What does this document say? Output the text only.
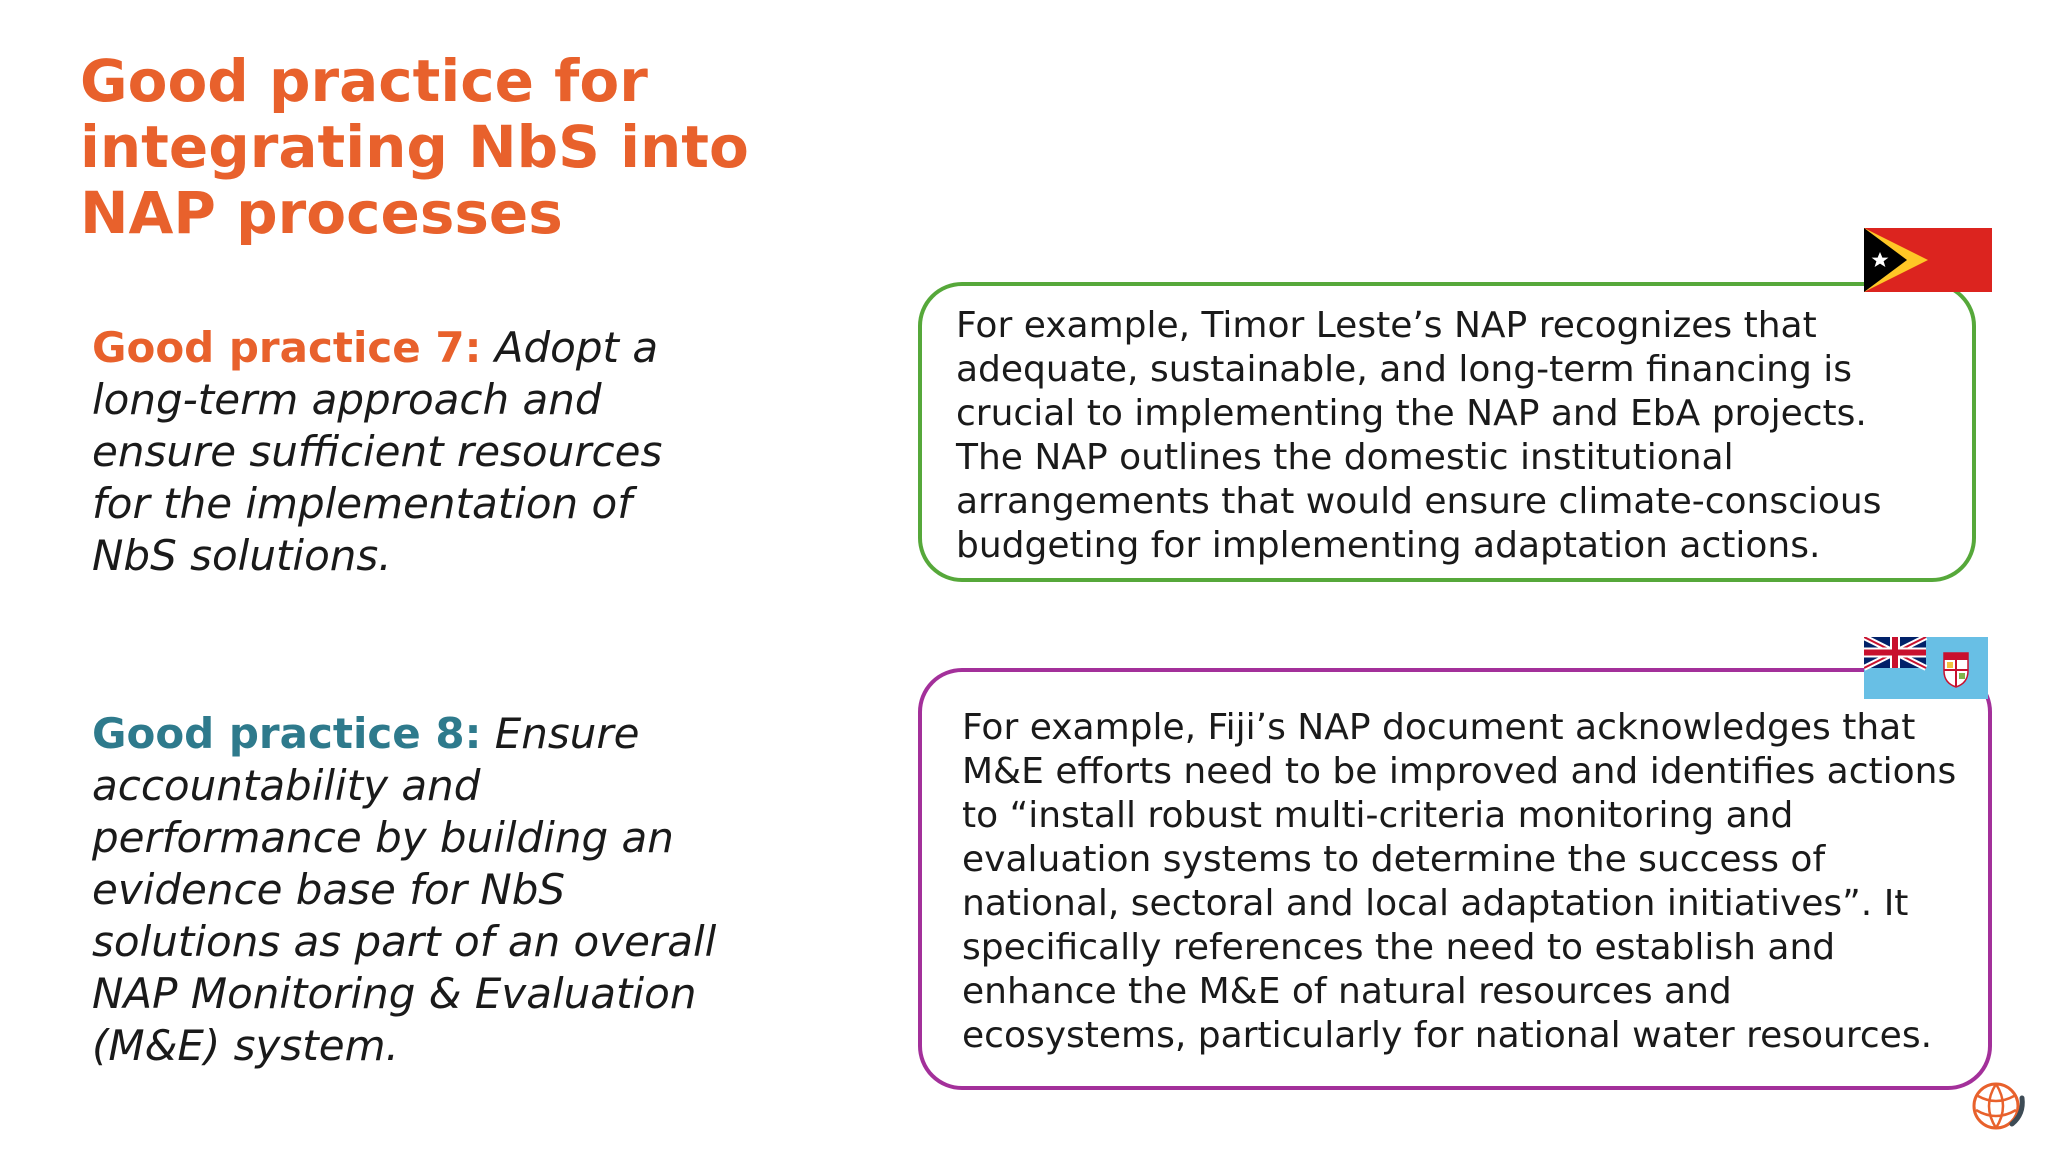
Good practice for integrating NbS into NAP processes

Good practice 7: Adopt a long-term approach and ensure sufficient resources for the implementation of NbS solutions.

Good practice 8: Ensure accountability and performance by building an evidence base for NbS solutions as part of an overall NAP Monitoring & Evaluation (M&E) system.

For example, Timor Leste’s NAP recognizes that adequate, sustainable, and long-term financing is crucial to implementing the NAP and EbA projects. The NAP outlines the domestic institutional arrangements that would ensure climate-conscious budgeting for implementing adaptation actions.

For example, Fiji’s NAP document acknowledges that M&E efforts need to be improved and identifies actions to “install robust multi-criteria monitoring and evaluation systems to determine the success of national, sectoral and local adaptation initiatives”. It specifically references the need to establish and enhance the M&E of natural resources and ecosystems, particularly for national water resources.
